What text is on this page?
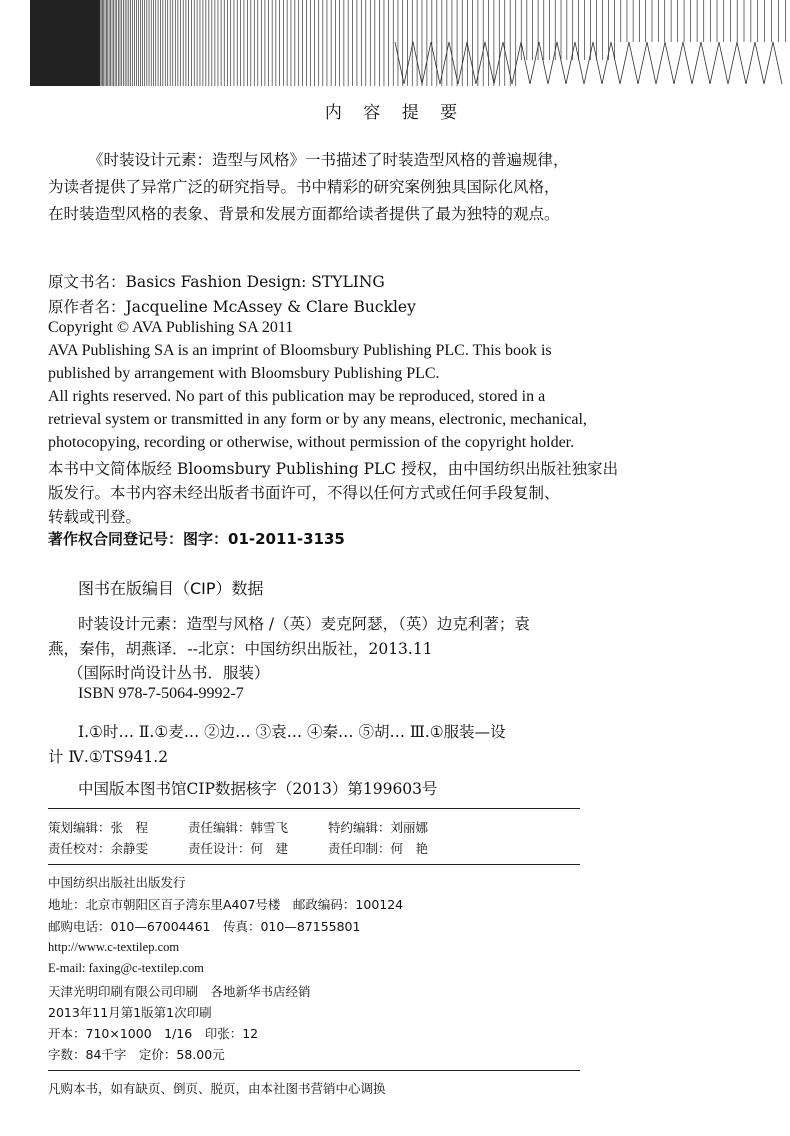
内 容 提 要
《时装设计元素：造型与风格》一书描述了时装造型风格的普遍规律，
为读者提供了异常广泛的研究指导。书中精彩的研究案例独具国际化风格，
在时装造型风格的表象、背景和发展方面都给读者提供了最为独特的观点。
原文书名：Basics Fashion Design: STYLING
原作者名：Jacqueline McAssey & Clare Buckley
Copyright © AVA Publishing SA 2011
AVA Publishing SA is an imprint of Bloomsbury Publishing PLC. This book is
published by arrangement with Bloomsbury Publishing PLC.
All rights reserved. No part of this publication may be reproduced, stored in a
retrieval system or transmitted in any form or by any means, electronic, mechanical,
photocopying, recording or otherwise, without permission of the copyright holder.
本书中文简体版经 Bloomsbury Publishing PLC 授权，由中国纺织出版社独家出
版发行。本书内容未经出版者书面许可，不得以任何方式或任何手段复制、
转载或刊登。
著作权合同登记号：图字：01-2011-3135
图书在版编目（CIP）数据
时装设计元素：造型与风格 /（英）麦克阿瑟，（英）边克利著；袁
燕，秦伟，胡燕译．--北京：中国纺织出版社，2013.11
（国际时尚设计丛书．服装）
ISBN 978-7-5064-9992-7
Ⅰ.①时… Ⅱ.①麦… ②边… ③袁… ④秦… ⑤胡… Ⅲ.①服装—设
计 Ⅳ.①TS941.2
中国版本图书馆CIP数据核字（2013）第199603号
策划编辑：张　程	责任编辑：韩雪飞	特约编辑：刘丽娜
责任校对：余静雯	责任设计：何　建	责任印制：何　艳
中国纺织出版社出版发行
地址：北京市朝阳区百子湾东里A407号楼　邮政编码：100124
邮购电话：010—67004461　传真：010—87155801
http://www.c-textilep.com
E-mail: faxing@c-textilep.com
天津光明印刷有限公司印刷　各地新华书店经销
2013年11月第1版第1次印刷
开本：710×1000　1/16　印张：12
字数：84千字　定价：58.00元
凡购本书，如有缺页、倒页、脱页，由本社图书营销中心调换
